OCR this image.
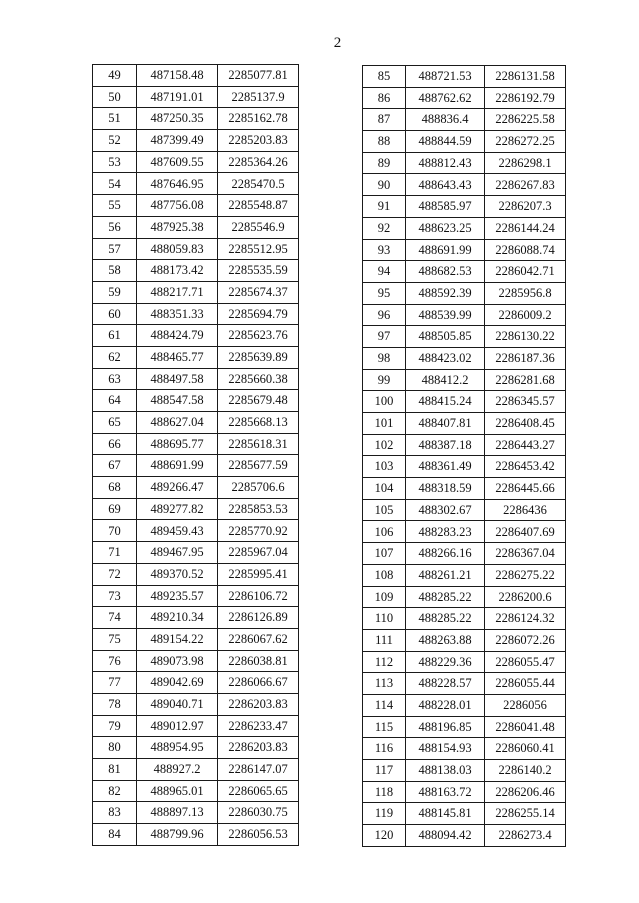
2
49	487158.48	2285077.81
50	487191.01	2285137.9
51	487250.35	2285162.78
52	487399.49	2285203.83
53	487609.55	2285364.26
54	487646.95	2285470.5
55	487756.08	2285548.87
56	487925.38	2285546.9
57	488059.83	2285512.95
58	488173.42	2285535.59
59	488217.71	2285674.37
60	488351.33	2285694.79
61	488424.79	2285623.76
62	488465.77	2285639.89
63	488497.58	2285660.38
64	488547.58	2285679.48
65	488627.04	2285668.13
66	488695.77	2285618.31
67	488691.99	2285677.59
68	489266.47	2285706.6
69	489277.82	2285853.53
70	489459.43	2285770.92
71	489467.95	2285967.04
72	489370.52	2285995.41
73	489235.57	2286106.72
74	489210.34	2286126.89
75	489154.22	2286067.62
76	489073.98	2286038.81
77	489042.69	2286066.67
78	489040.71	2286203.83
79	489012.97	2286233.47
80	488954.95	2286203.83
81	488927.2	2286147.07
82	488965.01	2286065.65
83	488897.13	2286030.75
84	488799.96	2286056.53
85	488721.53	2286131.58
86	488762.62	2286192.79
87	488836.4	2286225.58
88	488844.59	2286272.25
89	488812.43	2286298.1
90	488643.43	2286267.83
91	488585.97	2286207.3
92	488623.25	2286144.24
93	488691.99	2286088.74
94	488682.53	2286042.71
95	488592.39	2285956.8
96	488539.99	2286009.2
97	488505.85	2286130.22
98	488423.02	2286187.36
99	488412.2	2286281.68
100	488415.24	2286345.57
101	488407.81	2286408.45
102	488387.18	2286443.27
103	488361.49	2286453.42
104	488318.59	2286445.66
105	488302.67	2286436
106	488283.23	2286407.69
107	488266.16	2286367.04
108	488261.21	2286275.22
109	488285.22	2286200.6
110	488285.22	2286124.32
111	488263.88	2286072.26
112	488229.36	2286055.47
113	488228.57	2286055.44
114	488228.01	2286056
115	488196.85	2286041.48
116	488154.93	2286060.41
117	488138.03	2286140.2
118	488163.72	2286206.46
119	488145.81	2286255.14
120	488094.42	2286273.4
